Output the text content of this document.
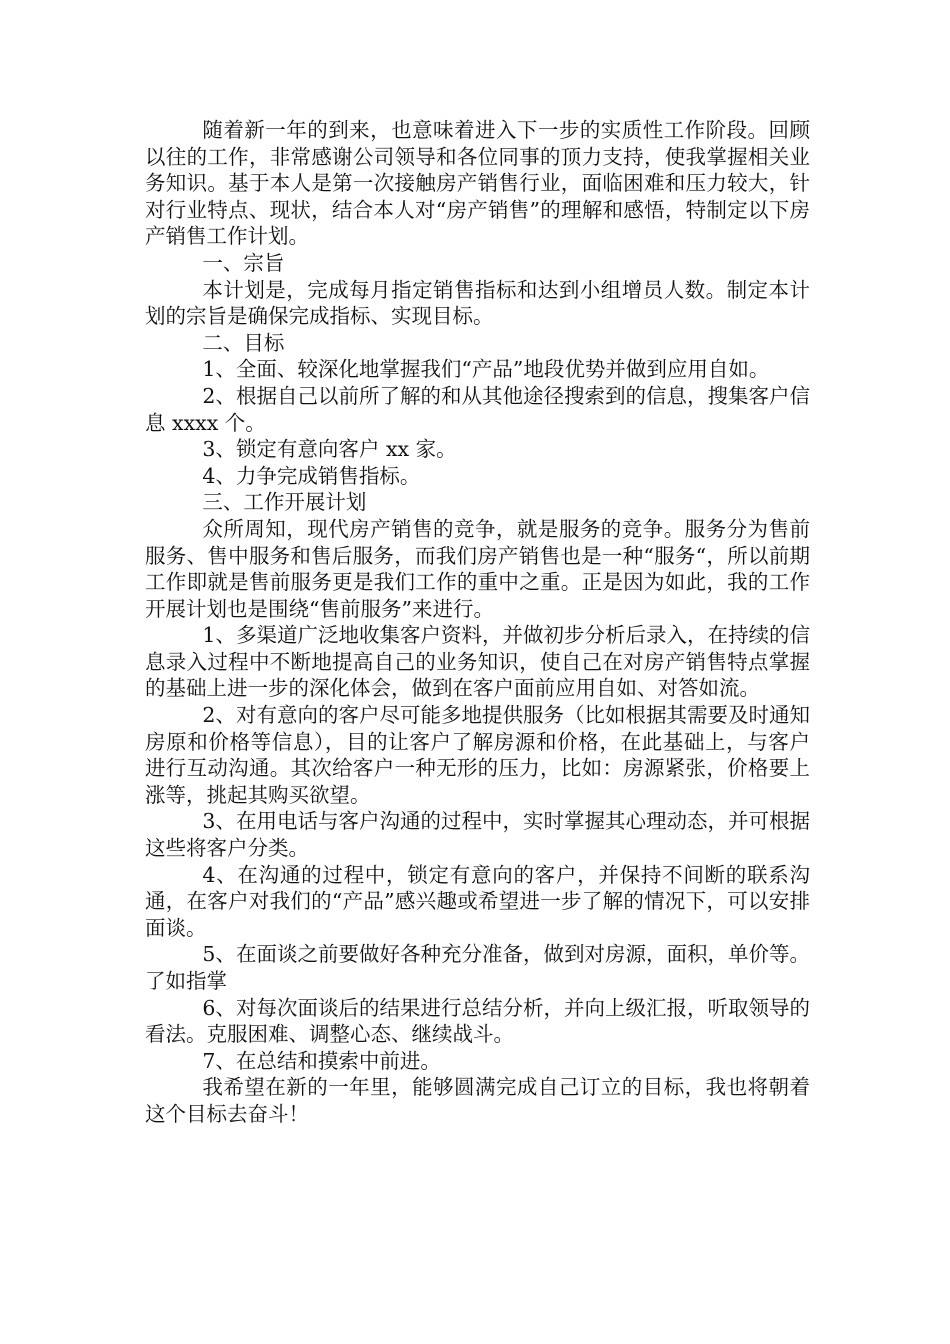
随着新一年的到来，也意味着进入下一步的实质性工作阶段。回顾以往的工作，非常感谢公司领导和各位同事的顶力支持，使我掌握相关业务知识。基于本人是第一次接触房产销售行业，面临困难和压力较大，针对行业特点、现状，结合本人对“房产销售”的理解和感悟，特制定以下房产销售工作计划。

一、宗旨

本计划是，完成每月指定销售指标和达到小组增员人数。制定本计划的宗旨是确保完成指标、实现目标。

二、目标

1、全面、较深化地掌握我们“产品”地段优势并做到应用自如。

2、根据自己以前所了解的和从其他途径搜索到的信息，搜集客户信息 xxxx 个。

3、锁定有意向客户 xx 家。

4、力争完成销售指标。

三、工作开展计划

众所周知，现代房产销售的竞争，就是服务的竞争。服务分为售前服务、售中服务和售后服务，而我们房产销售也是一种“服务“，所以前期工作即就是售前服务更是我们工作的重中之重。正是因为如此，我的工作开展计划也是围绕“售前服务”来进行。

1、多渠道广泛地收集客户资料，并做初步分析后录入，在持续的信息录入过程中不断地提高自己的业务知识，使自己在对房产销售特点掌握的基础上进一步的深化体会，做到在客户面前应用自如、对答如流。

2、对有意向的客户尽可能多地提供服务（比如根据其需要及时通知房原和价格等信息），目的让客户了解房源和价格，在此基础上，与客户进行互动沟通。其次给客户一种无形的压力，比如：房源紧张，价格要上涨等，挑起其购买欲望。

3、在用电话与客户沟通的过程中，实时掌握其心理动态，并可根据这些将客户分类。

4、在沟通的过程中，锁定有意向的客户，并保持不间断的联系沟通，在客户对我们的“产品”感兴趣或希望进一步了解的情况下，可以安排面谈。

5、在面谈之前要做好各种充分准备，做到对房源，面积，单价等。了如指掌

6、对每次面谈后的结果进行总结分析，并向上级汇报，听取领导的看法。克服困难、调整心态、继续战斗。

7、在总结和摸索中前进。

我希望在新的一年里，能够圆满完成自己订立的目标，我也将朝着这个目标去奋斗！
